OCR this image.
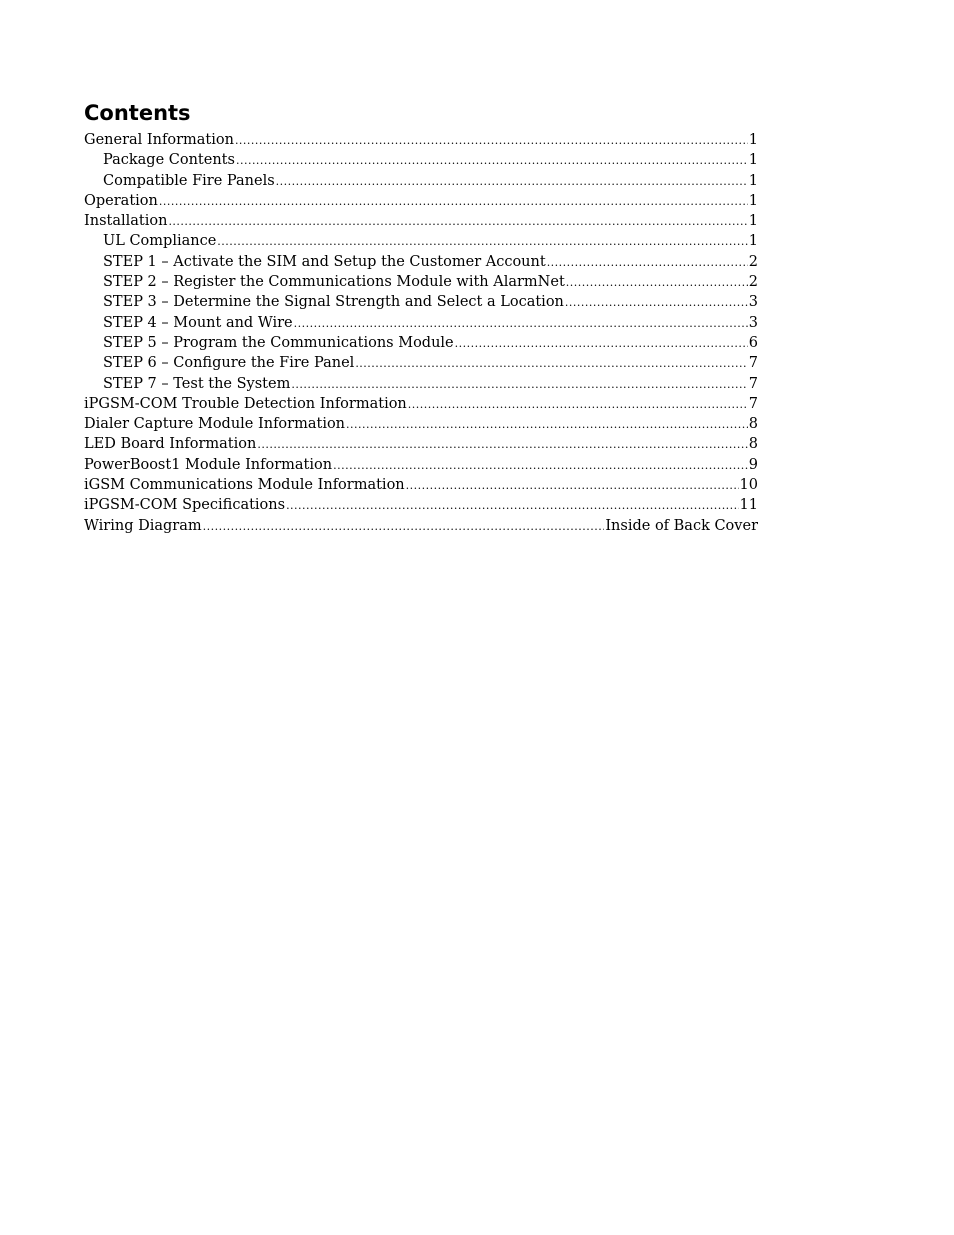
Contents
General Information .....	1
Package Contents .....	1
Compatible Fire Panels .....	1
Operation .....	1
Installation .....	1
UL Compliance .....	1
STEP 1 – Activate the SIM and Setup the Customer Account .....	2
STEP 2 – Register the Communications Module with AlarmNet .....	2
STEP 3 – Determine the Signal Strength and Select a Location .....	3
STEP 4 – Mount and Wire .....	3
STEP 5 – Program the Communications Module .....	6
STEP 6 – Configure the Fire Panel .....	7
STEP 7 – Test the System .....	7
iPGSM-COM Trouble Detection Information .....	7
Dialer Capture Module Information .....	8
LED Board Information .....	8
PowerBoost1 Module Information .....	9
iGSM Communications Module Information .....	10
iPGSM-COM Specifications .....	11
Wiring Diagram .....	Inside of Back Cover
